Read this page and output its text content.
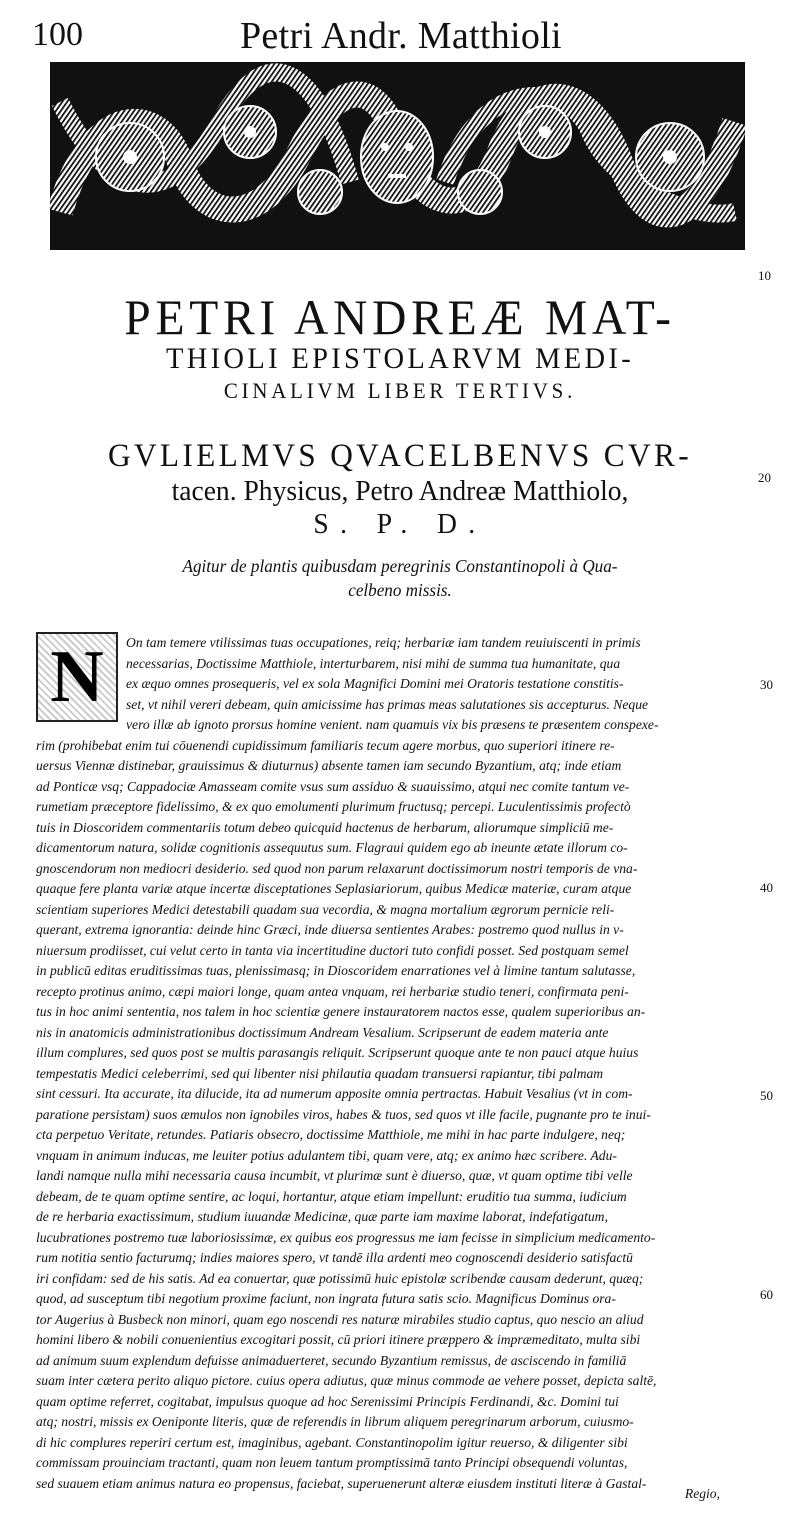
100	Petri Andr. Matthioli
10
20
30
40
50
60
PETRI ANDREÆ MAT-
THIOLI EPISTOLARVM MEDI-
CINALIVM LIBER TERTIVS.
GVLIELMVS QVACELBENVS CVR-
tacen. Physicus, Petro Andreæ Matthiolo,
S. P. D.
Agitur de plantis quibusdam peregrinis Constantinopoli à Qua-
celbeno missis.
N	On tam temere vtilissimas tuas occupationes, reiq; herbariæ iam tandem reuiuiscenti in primis
necessarias, Doctissime Matthiole, interturbarem, nisi mihi de summa tua humanitate, qua
ex æquo omnes prosequeris, vel ex sola Magnifici Domini mei Oratoris testatione constitis-
set, vt nihil vereri debeam, quin amicissime has primas meas salutationes sis accepturus. Neque
vero illæ ab ignoto prorsus homine venient. nam quamuis vix bis præsens te præsentem conspexe-
rim (prohibebat enim tui cōuenendi cupidissimum familiaris tecum agere morbus, quo superiori itinere re-
uersus Viennæ distinebar, grauissimus & diuturnus) absente tamen iam secundo Byzantium, atq; inde etiam
ad Ponticæ vsq; Cappadociæ Amasseam comite vsus sum assiduo & suauissimo, atqui nec comite tantum ve-
rumetiam præceptore fidelissimo, & ex quo emolumenti plurimum fructusq; percepi. Luculentissimis profectò
tuis in Dioscoridem commentariis totum debeo quicquid hactenus de herbarum, aliorumque simpliciū me-
dicamentorum natura, solidæ cognitionis assequutus sum. Flagraui quidem ego ab ineunte ætate illorum co-
gnoscendorum non mediocri desiderio. sed quod non parum relaxarunt doctissimorum nostri temporis de vna-
quaque fere planta variæ atque incertæ disceptationes Seplasiariorum, quibus Medicæ materiæ, curam atque
scientiam superiores Medici detestabili quadam sua vecordia, & magna mortalium ægrorum pernicie reli-
querant, extrema ignorantia: deinde hinc Græci, inde diuersa sentientes Arabes: postremo quod nullus in v-
niuersum prodiisset, cui velut certo in tanta via incertitudine ductori tuto confidi posset. Sed postquam semel
in publicū editas eruditissimas tuas, plenissimasq; in Dioscoridem enarrationes vel à limine tantum salutasse,
recepto protinus animo, cæpi maiori longe, quam antea vnquam, rei herbariæ studio teneri, confirmata peni-
tus in hoc animi sententia, nos talem in hoc scientiæ genere instauratorem nactos esse, qualem superioribus an-
nis in anatomicis administrationibus doctissimum Andream Vesalium. Scripserunt de eadem materia ante
illum complures, sed quos post se multis parasangis reliquit. Scripserunt quoque ante te non pauci atque huius
tempestatis Medici celeberrimi, sed qui libenter nisi philautia quadam transuersi rapiantur, tibi palmam
sint cessuri. Ita accurate, ita dilucide, ita ad numerum apposite omnia pertractas. Habuit Vesalius (vt in com-
paratione persistam) suos æmulos non ignobiles viros, habes & tuos, sed quos vt ille facile, pugnante pro te inui-
cta perpetuo Veritate, retundes. Patiaris obsecro, doctissime Matthiole, me mihi in hac parte indulgere, neq;
vnquam in animum inducas, me leuiter potius adulantem tibi, quam vere, atq; ex animo hæc scribere. Adu-
landi namque nulla mihi necessaria causa incumbit, vt plurimæ sunt è diuerso, quæ, vt quam optime tibi velle
debeam, de te quam optime sentire, ac loqui, hortantur, atque etiam impellunt: eruditio tua summa, iudicium
de re herbaria exactissimum, studium iuuandæ Medicinæ, quæ parte iam maxime laborat, indefatigatum,
lucubrationes postremo tuæ laboriosissimæ, ex quibus eos progressus me iam fecisse in simplicium medicamento-
rum notitia sentio facturumq; indies maiores spero, vt tandē illa ardenti meo cognoscendi desiderio satisfactū
iri confidam: sed de his satis. Ad ea conuertar, quæ potissimū huic epistolæ scribendæ causam dederunt, quæq;
quod, ad susceptum tibi negotium proxime faciunt, non ingrata futura satis scio. Magnificus Dominus ora-
tor Augerius à Busbeck non minori, quam ego noscendi res naturæ mirabiles studio captus, quo nescio an aliud
homini libero & nobili conuenientius excogitari possit, cū priori itinere præppero & impræmeditato, multa sibi
ad animum suum explendum defuisse animaduerteret, secundo Byzantium remissus, de asciscendo in familiā
suam inter cætera perito aliquo pictore. cuius opera adiutus, quæ minus commode ae vehere posset, depicta saltē,
quam optime referret, cogitabat, impulsus quoque ad hoc Serenissimi Principis Ferdinandi, &c. Domini tui
atq; nostri, missis ex Oenipontе literis, quæ de referendis in librum aliquem peregrinarum arborum, cuiusmo-
di hic complures reperiri certum est, imaginibus, agebant. Constantinopolim igitur reuerso, & diligenter sibi
commissam prouinciam tractanti, quam non leuem tantum promptissimā tanto Principi obsequendi voluntas,
sed suauem etiam animus natura eo propensus, faciebat, superuenerunt alteræ eiusdem instituti literæ à Gastal-
Regio,
